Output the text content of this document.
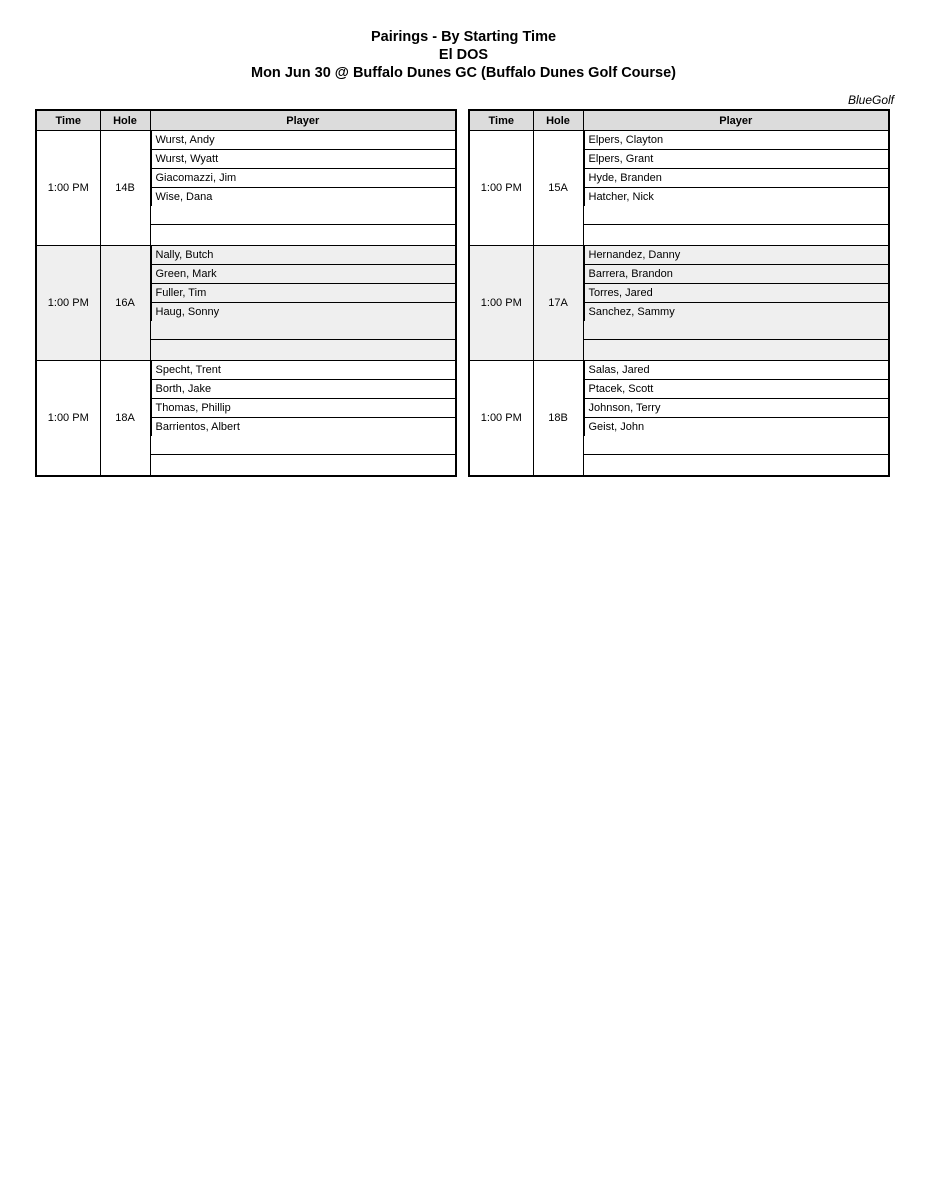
Pairings - By Starting Time
El DOS
Mon Jun 30 @ Buffalo Dunes GC (Buffalo Dunes Golf Course)
BlueGolf
Time	Hole	Player
1:00 PM	14B	Wurst, Andy
Wurst, Wyatt
Giacomazzi, Jim
Wise, Dana

1:00 PM	16A	Nally, Butch
Green, Mark
Fuller, Tim
Haug, Sonny

1:00 PM	18A	Specht, Trent
Borth, Jake
Thomas, Phillip
Barrientos, Albert
Time	Hole	Player
1:00 PM	15A	Elpers, Clayton
Elpers, Grant
Hyde, Branden
Hatcher, Nick

1:00 PM	17A	Hernandez, Danny
Barrera, Brandon
Torres, Jared
Sanchez, Sammy

1:00 PM	18B	Salas, Jared
Ptacek, Scott
Johnson, Terry
Geist, John
